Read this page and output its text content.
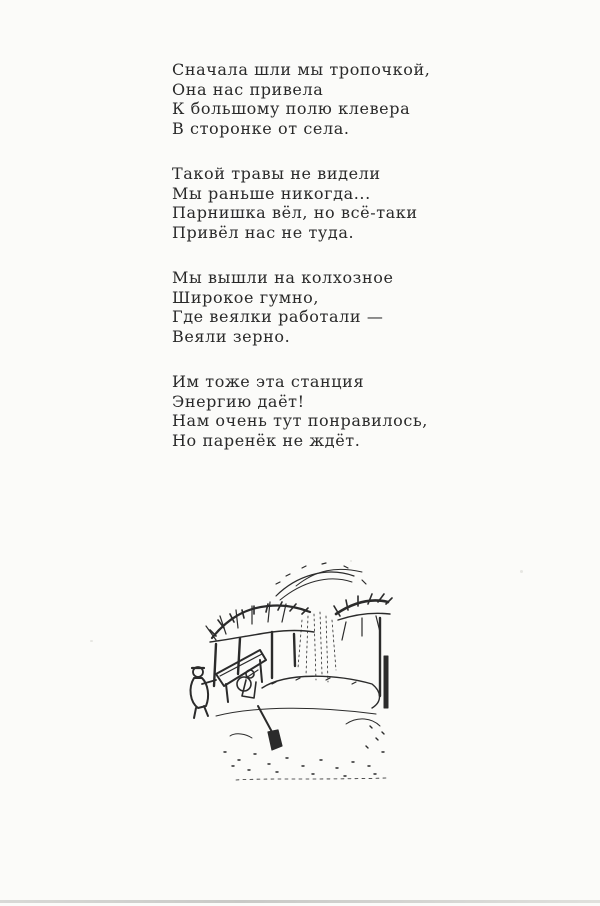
Сначала шли мы тропочкой,
Она нас привела
К большому полю клевера
В сторонке от села.
Такой травы не видели
Мы раньше никогда...
Парнишка вёл, но всё-таки
Привёл нас не туда.
Мы вышли на колхозное
Широкое гумно,
Где веялки работали —
Веяли зерно.
Им тоже эта станция
Энергию даёт!
Нам очень тут понравилось,
Но паренёк не ждёт.
